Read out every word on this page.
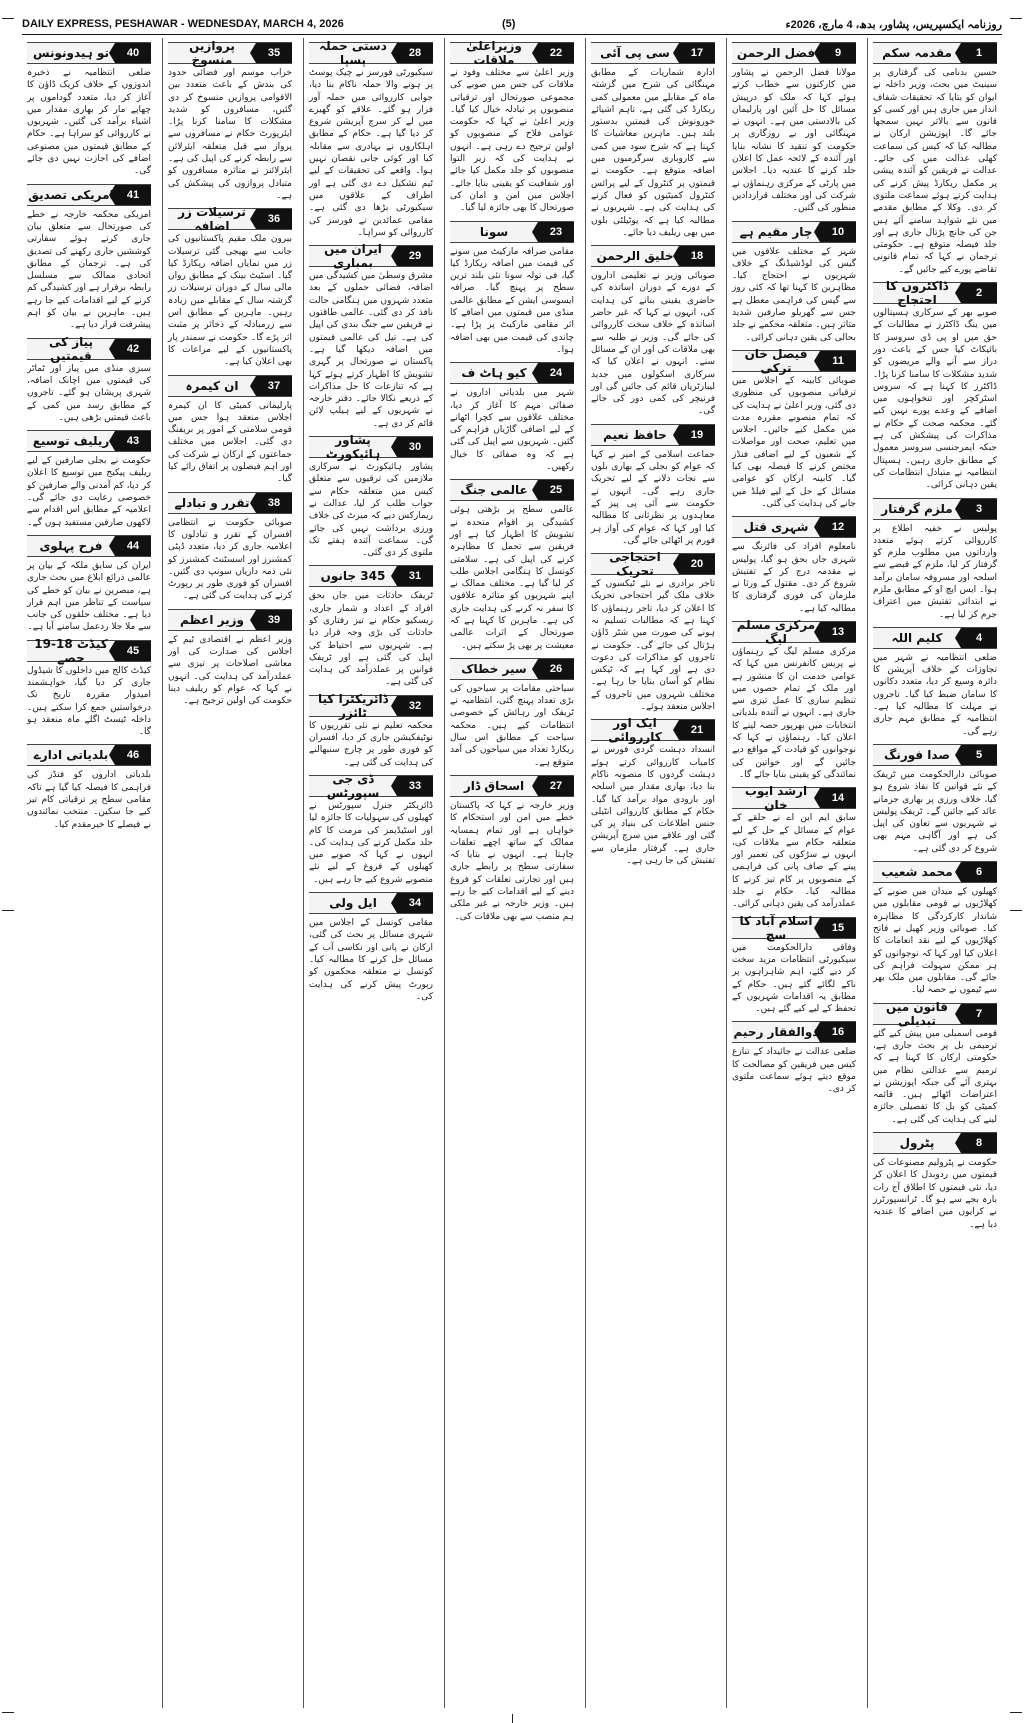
DAILY EXPRESS, PESHAWAR - WEDNESDAY, MARCH 4, 2026	(5)	روزنامہ ایکسپریس، پشاور، بدھ، 4 مارچ، 2026ء
1
مقدمہ سکم
حسین بدنامی کی گرفتاری پر سینیٹ میں بحث، وزیر داخلہ نے ایوان کو بتایا کہ تحقیقات شفاف انداز میں جاری ہیں اور کسی کو قانون سے بالاتر نہیں سمجھا جائے گا۔ اپوزیشن ارکان نے مطالبہ کیا کہ کیس کی سماعت کھلی عدالت میں کی جائے۔ عدالت نے فریقین کو آئندہ پیشی پر مکمل ریکارڈ پیش کرنے کی ہدایت کرتے ہوئے سماعت ملتوی کر دی۔ وکلا کے مطابق مقدمے میں نئے شواہد سامنے آئے ہیں جن کی جانچ پڑتال جاری ہے اور جلد فیصلہ متوقع ہے۔ حکومتی ترجمان نے کہا کہ تمام قانونی تقاضے پورے کیے جائیں گے۔
2
ڈاکٹروں کا احتجاج
صوبے بھر کے سرکاری ہسپتالوں میں ینگ ڈاکٹرز نے مطالبات کے حق میں او پی ڈی سروسز کا بائیکاٹ کیا جس کے باعث دور دراز سے آنے والے مریضوں کو شدید مشکلات کا سامنا کرنا پڑا۔ ڈاکٹرز کا کہنا ہے کہ سروس اسٹرکچر اور تنخواہوں میں اضافے کے وعدے پورے نہیں کیے گئے۔ محکمہ صحت کے حکام نے مذاکرات کی پیشکش کی ہے جبکہ ایمرجنسی سروسز معمول کے مطابق جاری رہیں۔ ہسپتال انتظامیہ نے متبادل انتظامات کی یقین دہانی کرائی۔
3
ملزم گرفتار
پولیس نے خفیہ اطلاع پر کارروائی کرتے ہوئے متعدد وارداتوں میں مطلوب ملزم کو گرفتار کر لیا، ملزم کے قبضے سے اسلحہ اور مسروقہ سامان برآمد ہوا۔ ایس ایچ او کے مطابق ملزم نے ابتدائی تفتیش میں اعتراف جرم کر لیا ہے۔
4
کلیم اللہ
ضلعی انتظامیہ نے شہر میں تجاوزات کے خلاف آپریشن کا دائرہ وسیع کر دیا، متعدد دکانوں کا سامان ضبط کیا گیا۔ تاجروں نے مہلت کا مطالبہ کیا ہے۔ انتظامیہ کے مطابق مہم جاری رہے گی۔
5
صدا فورنگ
صوبائی دارالحکومت میں ٹریفک کے نئے قوانین کا نفاذ شروع ہو گیا، خلاف ورزی پر بھاری جرمانے عائد کیے جائیں گے۔ ٹریفک پولیس نے شہریوں سے تعاون کی اپیل کی ہے اور آگاہی مہم بھی شروع کر دی گئی ہے۔
6
محمد شعیب
کھیلوں کے میدان میں صوبے کے کھلاڑیوں نے قومی مقابلوں میں شاندار کارکردگی کا مظاہرہ کیا۔ صوبائی وزیر کھیل نے فاتح کھلاڑیوں کے لیے نقد انعامات کا اعلان کیا اور کہا کہ نوجوانوں کو ہر ممکن سہولت فراہم کی جائے گی۔ مقابلوں میں ملک بھر سے ٹیموں نے حصہ لیا۔
7
قانون میں تبدیلی
قومی اسمبلی میں پیش کیے گئے ترمیمی بل پر بحث جاری ہے، حکومتی ارکان کا کہنا ہے کہ ترمیم سے عدالتی نظام میں بہتری آئے گی جبکہ اپوزیشن نے اعتراضات اٹھائے ہیں۔ قائمہ کمیٹی کو بل کا تفصیلی جائزہ لینے کی ہدایت کی گئی ہے۔
8
پٹرول
حکومت نے پٹرولیم مصنوعات کی قیمتوں میں ردوبدل کا اعلان کر دیا، نئی قیمتوں کا اطلاق آج رات بارہ بجے سے ہو گا۔ ٹرانسپورٹرز نے کرایوں میں اضافے کا عندیہ دیا ہے۔
9
فضل الرحمن
مولانا فضل الرحمن نے پشاور میں کارکنوں سے خطاب کرتے ہوئے کہا کہ ملک کو درپیش مسائل کا حل آئین اور پارلیمان کی بالادستی میں ہے۔ انہوں نے مہنگائی اور بے روزگاری پر حکومت کو تنقید کا نشانہ بنایا اور آئندہ کے لائحہ عمل کا اعلان جلد کرنے کا عندیہ دیا۔ اجلاس میں پارٹی کے مرکزی رہنماؤں نے شرکت کی اور مختلف قراردادیں منظور کی گئیں۔
10
چار مقیم ہے
شہر کے مختلف علاقوں میں گیس کی لوڈشیڈنگ کے خلاف شہریوں نے احتجاج کیا۔ مظاہرین کا کہنا تھا کہ کئی روز سے گیس کی فراہمی معطل ہے جس سے گھریلو صارفین شدید متاثر ہیں۔ متعلقہ محکمے نے جلد بحالی کی یقین دہانی کرائی۔
11
فیصل خان ترکی
صوبائی کابینہ کے اجلاس میں ترقیاتی منصوبوں کی منظوری دی گئی، وزیر اعلیٰ نے ہدایت کی کہ تمام منصوبے مقررہ مدت میں مکمل کیے جائیں۔ اجلاس میں تعلیم، صحت اور مواصلات کے شعبوں کے لیے اضافی فنڈز مختص کرنے کا فیصلہ بھی کیا گیا۔ کابینہ ارکان کو عوامی مسائل کے حل کے لیے فیلڈ میں جانے کی ہدایت کی گئی۔
12
شہری قتل
نامعلوم افراد کی فائرنگ سے شہری جاں بحق ہو گیا، پولیس نے مقدمہ درج کر کے تفتیش شروع کر دی۔ مقتول کے ورثا نے ملزمان کی فوری گرفتاری کا مطالبہ کیا ہے۔
13
مرکزی مسلم لیگ
مرکزی مسلم لیگ کے رہنماؤں نے پریس کانفرنس میں کہا کہ عوامی خدمت ان کا منشور ہے اور ملک کے تمام حصوں میں تنظیم سازی کا عمل تیزی سے جاری ہے۔ انہوں نے آئندہ بلدیاتی انتخابات میں بھرپور حصہ لینے کا اعلان کیا۔ رہنماؤں نے کہا کہ نوجوانوں کو قیادت کے مواقع دیے جائیں گے اور خواتین کی نمائندگی کو یقینی بنایا جائے گا۔
14
ارشد ایوب خان
سابق ایم این اے نے حلقے کے عوام کے مسائل کے حل کے لیے متعلقہ حکام سے ملاقات کی، انہوں نے سڑکوں کی تعمیر اور پینے کے صاف پانی کی فراہمی کے منصوبوں پر کام تیز کرنے کا مطالبہ کیا۔ حکام نے جلد عملدرآمد کی یقین دہانی کرائی۔
15
اسلام آباد کا سچ
وفاقی دارالحکومت میں سیکیورٹی انتظامات مزید سخت کر دیے گئے، اہم شاہراہوں پر ناکے لگائے گئے ہیں۔ حکام کے مطابق یہ اقدامات شہریوں کے تحفظ کے لیے کیے گئے ہیں۔
16
ذوالفقار رحیم
ضلعی عدالت نے جائیداد کے تنازع کیس میں فریقین کو مصالحت کا موقع دیتے ہوئے سماعت ملتوی کر دی۔
17
سی پی آئی
ادارہ شماریات کے مطابق مہنگائی کی شرح میں گزشتہ ماہ کے مقابلے میں معمولی کمی ریکارڈ کی گئی ہے، تاہم اشیائے خورونوش کی قیمتیں بدستور بلند ہیں۔ ماہرین معاشیات کا کہنا ہے کہ شرح سود میں کمی سے کاروباری سرگرمیوں میں اضافہ متوقع ہے۔ حکومت نے قیمتوں پر کنٹرول کے لیے پرائس کنٹرول کمیٹیوں کو فعال کرنے کی ہدایت کی ہے۔ شہریوں نے مطالبہ کیا ہے کہ یوٹیلٹی بلوں میں بھی ریلیف دیا جائے۔
18
خلیق الرحمن
صوبائی وزیر نے تعلیمی اداروں کے دورے کے دوران اساتذہ کی حاضری یقینی بنانے کی ہدایت کی، انہوں نے کہا کہ غیر حاضر اساتذہ کے خلاف سخت کارروائی کی جائے گی۔ وزیر نے طلبہ سے بھی ملاقات کی اور ان کے مسائل سنے۔ انہوں نے اعلان کیا کہ سرکاری اسکولوں میں جدید لیبارٹریاں قائم کی جائیں گی اور فرنیچر کی کمی دور کی جائے گی۔
19
حافظ نعیم
جماعت اسلامی کے امیر نے کہا کہ عوام کو بجلی کے بھاری بلوں سے نجات دلانے کے لیے تحریک جاری رہے گی۔ انہوں نے حکومت سے آئی پی پیز کے معاہدوں پر نظرثانی کا مطالبہ کیا اور کہا کہ عوام کی آواز ہر فورم پر اٹھائی جائے گی۔
20
احتجاجی تحریک
تاجر برادری نے نئے ٹیکسوں کے خلاف ملک گیر احتجاجی تحریک کا اعلان کر دیا، تاجر رہنماؤں کا کہنا ہے کہ مطالبات تسلیم نہ ہونے کی صورت میں شٹر ڈاؤن ہڑتال کی جائے گی۔ حکومت نے تاجروں کو مذاکرات کی دعوت دی ہے اور کہا ہے کہ ٹیکس نظام کو آسان بنایا جا رہا ہے۔ مختلف شہروں میں تاجروں کے اجلاس منعقد ہوئے۔
21
ایک اور کارروائی
انسداد دہشت گردی فورس نے کامیاب کارروائی کرتے ہوئے دہشت گردوں کا منصوبہ ناکام بنا دیا، بھاری مقدار میں اسلحہ اور بارودی مواد برآمد کیا گیا۔ حکام کے مطابق کارروائی انٹیلی جنس اطلاعات کی بنیاد پر کی گئی اور علاقے میں سرچ آپریشن جاری ہے۔ گرفتار ملزمان سے تفتیش کی جا رہی ہے۔
22
وزیراعلیٰ ملاقات
وزیر اعلیٰ سے مختلف وفود نے ملاقات کی جس میں صوبے کی مجموعی صورتحال اور ترقیاتی منصوبوں پر تبادلہ خیال کیا گیا۔ وزیر اعلیٰ نے کہا کہ حکومت عوامی فلاح کے منصوبوں کو اولین ترجیح دے رہی ہے۔ انہوں نے ہدایت کی کہ زیر التوا منصوبوں کو جلد مکمل کیا جائے اور شفافیت کو یقینی بنایا جائے۔ اجلاس میں امن و امان کی صورتحال کا بھی جائزہ لیا گیا۔
23
سونا
مقامی صرافہ مارکیٹ میں سونے کی قیمت میں اضافہ ریکارڈ کیا گیا، فی تولہ سونا نئی بلند ترین سطح پر پہنچ گیا۔ صرافہ ایسوسی ایشن کے مطابق عالمی منڈی میں قیمتوں میں اضافے کا اثر مقامی مارکیٹ پر پڑا ہے۔ چاندی کی قیمت میں بھی اضافہ ہوا۔
24
کیو ہاٹ ف
شہر میں بلدیاتی اداروں نے صفائی مہم کا آغاز کر دیا، مختلف علاقوں سے کچرا اٹھانے کے لیے اضافی گاڑیاں فراہم کی گئیں۔ شہریوں سے اپیل کی گئی ہے کہ وہ صفائی کا خیال رکھیں۔
25
عالمی جنگ
عالمی سطح پر بڑھتی ہوئی کشیدگی پر اقوام متحدہ نے تشویش کا اظہار کیا ہے اور فریقین سے تحمل کا مظاہرہ کرنے کی اپیل کی ہے۔ سلامتی کونسل کا ہنگامی اجلاس طلب کر لیا گیا ہے۔ مختلف ممالک نے اپنے شہریوں کو متاثرہ علاقوں کا سفر نہ کرنے کی ہدایت جاری کی ہے۔ ماہرین کا کہنا ہے کہ صورتحال کے اثرات عالمی معیشت پر بھی پڑ سکتے ہیں۔
26
سیر خطاک
سیاحتی مقامات پر سیاحوں کی بڑی تعداد پہنچ گئی، انتظامیہ نے ٹریفک اور رہائش کے خصوصی انتظامات کیے ہیں۔ محکمہ سیاحت کے مطابق اس سال ریکارڈ تعداد میں سیاحوں کی آمد متوقع ہے۔
27
اسحاق ڈار
وزیر خارجہ نے کہا کہ پاکستان خطے میں امن اور استحکام کا خواہاں ہے اور تمام ہمسایہ ممالک کے ساتھ اچھے تعلقات چاہتا ہے۔ انہوں نے بتایا کہ سفارتی سطح پر رابطے جاری ہیں اور تجارتی تعلقات کو فروغ دینے کے لیے اقدامات کیے جا رہے ہیں۔ وزیر خارجہ نے غیر ملکی ہم منصب سے بھی ملاقات کی۔
28
دستی حملہ پسپا
سیکیورٹی فورسز نے چیک پوسٹ پر ہونے والا حملہ ناکام بنا دیا، جوابی کارروائی میں حملہ آور فرار ہو گئے۔ علاقے کو گھیرے میں لے کر سرچ آپریشن شروع کر دیا گیا ہے۔ حکام کے مطابق اہلکاروں نے بہادری سے مقابلہ کیا اور کوئی جانی نقصان نہیں ہوا۔ واقعے کی تحقیقات کے لیے ٹیم تشکیل دے دی گئی ہے اور اطراف کے علاقوں میں سیکیورٹی بڑھا دی گئی ہے۔ مقامی عمائدین نے فورسز کی کارروائی کو سراہا۔
29
ایران میں بمباری
مشرق وسطیٰ میں کشیدگی میں اضافہ، فضائی حملوں کے بعد متعدد شہروں میں ہنگامی حالت نافذ کر دی گئی۔ عالمی طاقتوں نے فریقین سے جنگ بندی کی اپیل کی ہے۔ تیل کی عالمی قیمتوں میں اضافہ دیکھا گیا ہے۔ پاکستان نے صورتحال پر گہری تشویش کا اظہار کرتے ہوئے کہا ہے کہ تنازعات کا حل مذاکرات کے ذریعے نکالا جائے۔ دفتر خارجہ نے شہریوں کے لیے ہیلپ لائن قائم کر دی ہے۔
30
پشاور ہائیکورٹ
پشاور ہائیکورٹ نے سرکاری ملازمین کی ترقیوں سے متعلق کیس میں متعلقہ حکام سے جواب طلب کر لیا، عدالت نے ریمارکس دیے کہ میرٹ کی خلاف ورزی برداشت نہیں کی جائے گی۔ سماعت آئندہ ہفتے تک ملتوی کر دی گئی۔
31
345 جانوں
ٹریفک حادثات میں جاں بحق افراد کے اعداد و شمار جاری، ریسکیو حکام نے تیز رفتاری کو حادثات کی بڑی وجہ قرار دیا ہے۔ شہریوں سے احتیاط کی اپیل کی گئی ہے اور ٹریفک قوانین پر عملدرآمد کی ہدایت کی گئی ہے۔
32
ڈائریکٹرا کیا ٹائزر
محکمہ تعلیم نے نئی تقرریوں کا نوٹیفکیشن جاری کر دیا، افسران کو فوری طور پر چارج سنبھالنے کی ہدایت کی گئی ہے۔
33
ڈی جی سپورٹس
ڈائریکٹر جنرل سپورٹس نے کھیلوں کی سہولیات کا جائزہ لیا اور اسٹیڈیمز کی مرمت کا کام جلد مکمل کرنے کی ہدایت کی۔ انہوں نے کہا کہ صوبے میں کھیلوں کے فروغ کے لیے نئے منصوبے شروع کیے جا رہے ہیں۔
34
ایل ولی
مقامی کونسل کے اجلاس میں شہری مسائل پر بحث کی گئی، ارکان نے پانی اور نکاسی آب کے مسائل حل کرنے کا مطالبہ کیا۔ کونسل نے متعلقہ محکموں کو رپورٹ پیش کرنے کی ہدایت کی۔
35
پروازیں منسوخ
خراب موسم اور فضائی حدود کی بندش کے باعث متعدد بین الاقوامی پروازیں منسوخ کر دی گئیں، مسافروں کو شدید مشکلات کا سامنا کرنا پڑا۔ ایئرپورٹ حکام نے مسافروں سے پرواز سے قبل متعلقہ ایئرلائن سے رابطہ کرنے کی اپیل کی ہے۔ ایئرلائنز نے متاثرہ مسافروں کو متبادل پروازوں کی پیشکش کی ہے۔
36
ترسیلات زر اضافہ
بیرون ملک مقیم پاکستانیوں کی جانب سے بھیجی گئی ترسیلات زر میں نمایاں اضافہ ریکارڈ کیا گیا۔ اسٹیٹ بینک کے مطابق رواں مالی سال کے دوران ترسیلات زر گزشتہ سال کے مقابلے میں زیادہ رہیں۔ ماہرین کے مطابق اس سے زرمبادلہ کے ذخائر پر مثبت اثر پڑے گا۔ حکومت نے سمندر پار پاکستانیوں کے لیے مراعات کا بھی اعلان کیا ہے۔
37
ان کیمرہ
پارلیمانی کمیٹی کا ان کیمرہ اجلاس منعقد ہوا جس میں قومی سلامتی کے امور پر بریفنگ دی گئی۔ اجلاس میں مختلف جماعتوں کے ارکان نے شرکت کی اور اہم فیصلوں پر اتفاق رائے کیا گیا۔
38
تقرر و تبادلے
صوبائی حکومت نے انتظامی افسران کے تقرر و تبادلوں کا اعلامیہ جاری کر دیا، متعدد ڈپٹی کمشنرز اور اسسٹنٹ کمشنرز کو نئی ذمہ داریاں سونپ دی گئیں۔ افسران کو فوری طور پر رپورٹ کرنے کی ہدایت کی گئی ہے۔
39
وزیر اعظم
وزیر اعظم نے اقتصادی ٹیم کے اجلاس کی صدارت کی اور معاشی اصلاحات پر تیزی سے عملدرآمد کی ہدایت کی۔ انہوں نے کہا کہ عوام کو ریلیف دینا حکومت کی اولین ترجیح ہے۔
40
تو ہیدونونس
ضلعی انتظامیہ نے ذخیرہ اندوزوں کے خلاف کریک ڈاؤن کا آغاز کر دیا، متعدد گوداموں پر چھاپے مار کر بھاری مقدار میں اشیاء برآمد کی گئیں۔ شہریوں نے کارروائی کو سراہا ہے۔ حکام کے مطابق قیمتوں میں مصنوعی اضافے کی اجازت نہیں دی جائے گی۔
41
امریکی تصدیق
امریکی محکمہ خارجہ نے خطے کی صورتحال سے متعلق بیان جاری کرتے ہوئے سفارتی کوششیں جاری رکھنے کی تصدیق کی ہے۔ ترجمان کے مطابق اتحادی ممالک سے مسلسل رابطہ برقرار ہے اور کشیدگی کم کرنے کے لیے اقدامات کیے جا رہے ہیں۔ ماہرین نے بیان کو اہم پیشرفت قرار دیا ہے۔
42
پیاز کی قیمتیں
سبزی منڈی میں پیاز اور ٹماٹر کی قیمتوں میں اچانک اضافہ، شہری پریشان ہو گئے۔ تاجروں کے مطابق رسد میں کمی کے باعث قیمتیں بڑھی ہیں۔
43
ریلیف توسیع
حکومت نے بجلی صارفین کے لیے ریلیف پیکیج میں توسیع کا اعلان کر دیا، کم آمدنی والے صارفین کو خصوصی رعایت دی جائے گی۔ اعلامیہ کے مطابق اس اقدام سے لاکھوں صارفین مستفید ہوں گے۔
44
فرح پہلوی
ایران کی سابق ملکہ کے بیان پر عالمی ذرائع ابلاغ میں بحث جاری ہے، مبصرین نے بیان کو خطے کی سیاست کے تناظر میں اہم قرار دیا ہے۔ مختلف حلقوں کی جانب سے ملا جلا ردعمل سامنے آیا ہے۔
45
کیڈٹ 18-19 حصے
کیڈٹ کالج میں داخلوں کا شیڈول جاری کر دیا گیا، خواہشمند امیدوار مقررہ تاریخ تک درخواستیں جمع کرا سکتے ہیں۔ داخلہ ٹیسٹ اگلے ماہ منعقد ہو گا۔
46
بلدیاتی ادارے
بلدیاتی اداروں کو فنڈز کی فراہمی کا فیصلہ کیا گیا ہے تاکہ مقامی سطح پر ترقیاتی کام تیز کیے جا سکیں۔ منتخب نمائندوں نے فیصلے کا خیرمقدم کیا۔
